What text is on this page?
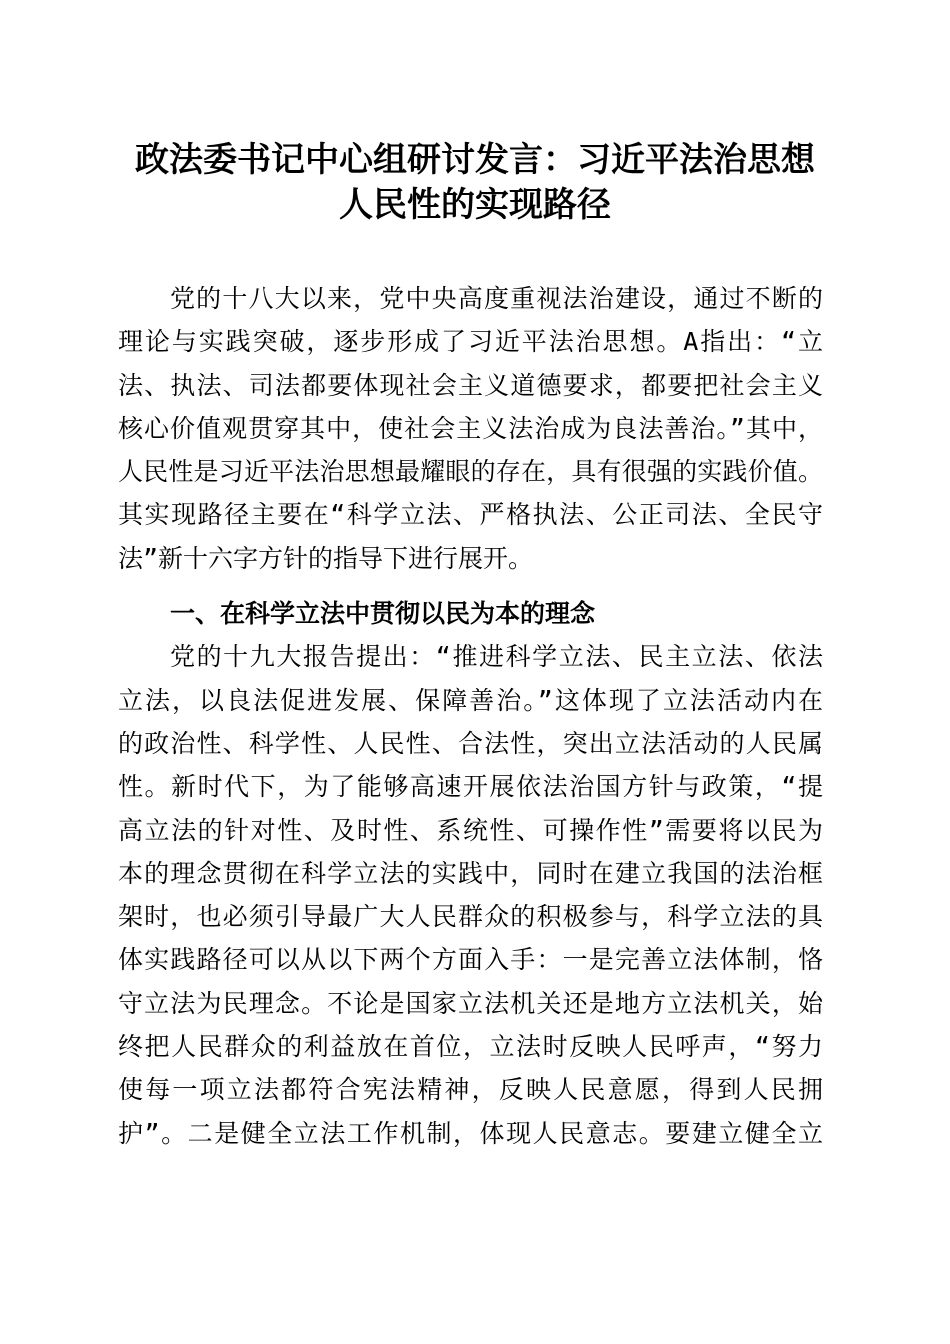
政法委书记中心组研讨发言：习近平法治思想
人民性的实现路径
党的十八大以来，党中央高度重视法治建设，通过不断的
理论与实践突破，逐步形成了习近平法治思想。A指出：“立
法、执法、司法都要体现社会主义道德要求，都要把社会主义
核心价值观贯穿其中，使社会主义法治成为良法善治。”其中，
人民性是习近平法治思想最耀眼的存在，具有很强的实践价值。
其实现路径主要在“科学立法、严格执法、公正司法、全民守
法”新十六字方针的指导下进行展开。
一、在科学立法中贯彻以民为本的理念
党的十九大报告提出：“推进科学立法、民主立法、依法
立法，以良法促进发展、保障善治。”这体现了立法活动内在
的政治性、科学性、人民性、合法性，突出立法活动的人民属
性。新时代下，为了能够高速开展依法治国方针与政策，“提
高立法的针对性、及时性、系统性、可操作性”需要将以民为
本的理念贯彻在科学立法的实践中，同时在建立我国的法治框
架时，也必须引导最广大人民群众的积极参与，科学立法的具
体实践路径可以从以下两个方面入手：一是完善立法体制，恪
守立法为民理念。不论是国家立法机关还是地方立法机关，始
终把人民群众的利益放在首位，立法时反映人民呼声，“努力
使每一项立法都符合宪法精神，反映人民意愿，得到人民拥
护”。二是健全立法工作机制，体现人民意志。要建立健全立
